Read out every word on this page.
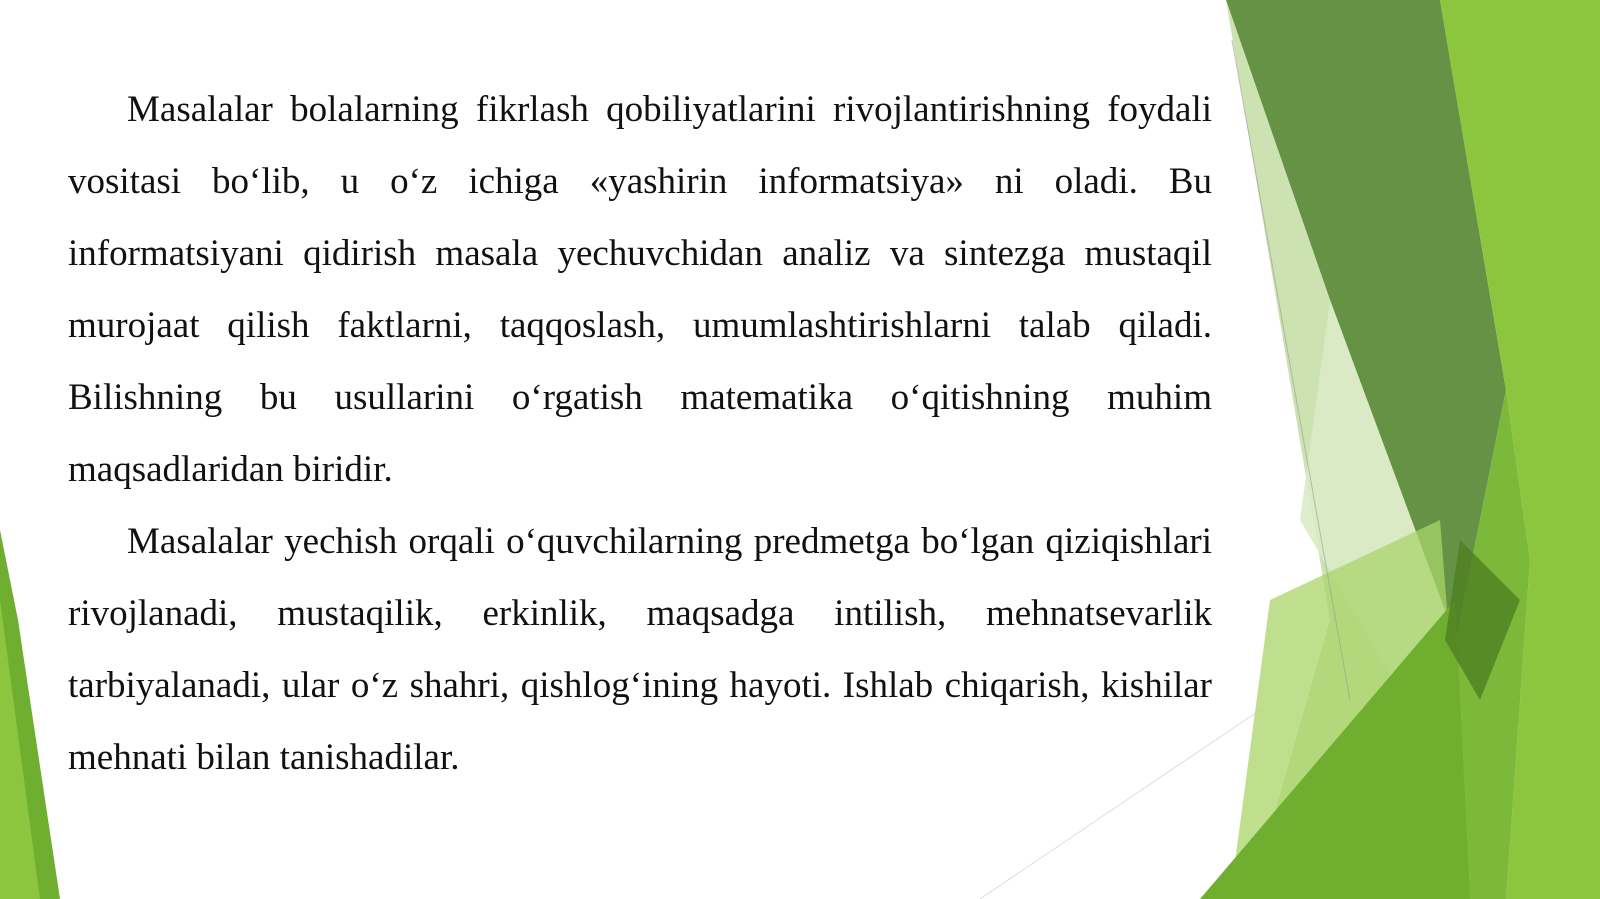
Masalalar bolalarning fikrlash qobiliyatlarini rivojlantirishning foydali vositasi bo‘lib, u o‘z ichiga «yashirin informatsiya» ni oladi. Bu informatsiyani qidirish masala yechuvchidan analiz va sintezga mustaqil murojaat qilish faktlarni, taqqoslash, umumlashtirishlarni talab qiladi. Bilishning bu usullarini o‘rgatish matematika o‘qitishning muhim maqsadlaridan biridir.

Masalalar yechish orqali o‘quvchilarning predmetga bo‘lgan qiziqishlari rivojlanadi, mustaqilik, erkinlik, maqsadga intilish, mehnatsevarlik tarbiyalanadi, ular o‘z shahri, qishlog‘ining hayoti. Ishlab chiqarish, kishilar mehnati bilan tanishadilar.
